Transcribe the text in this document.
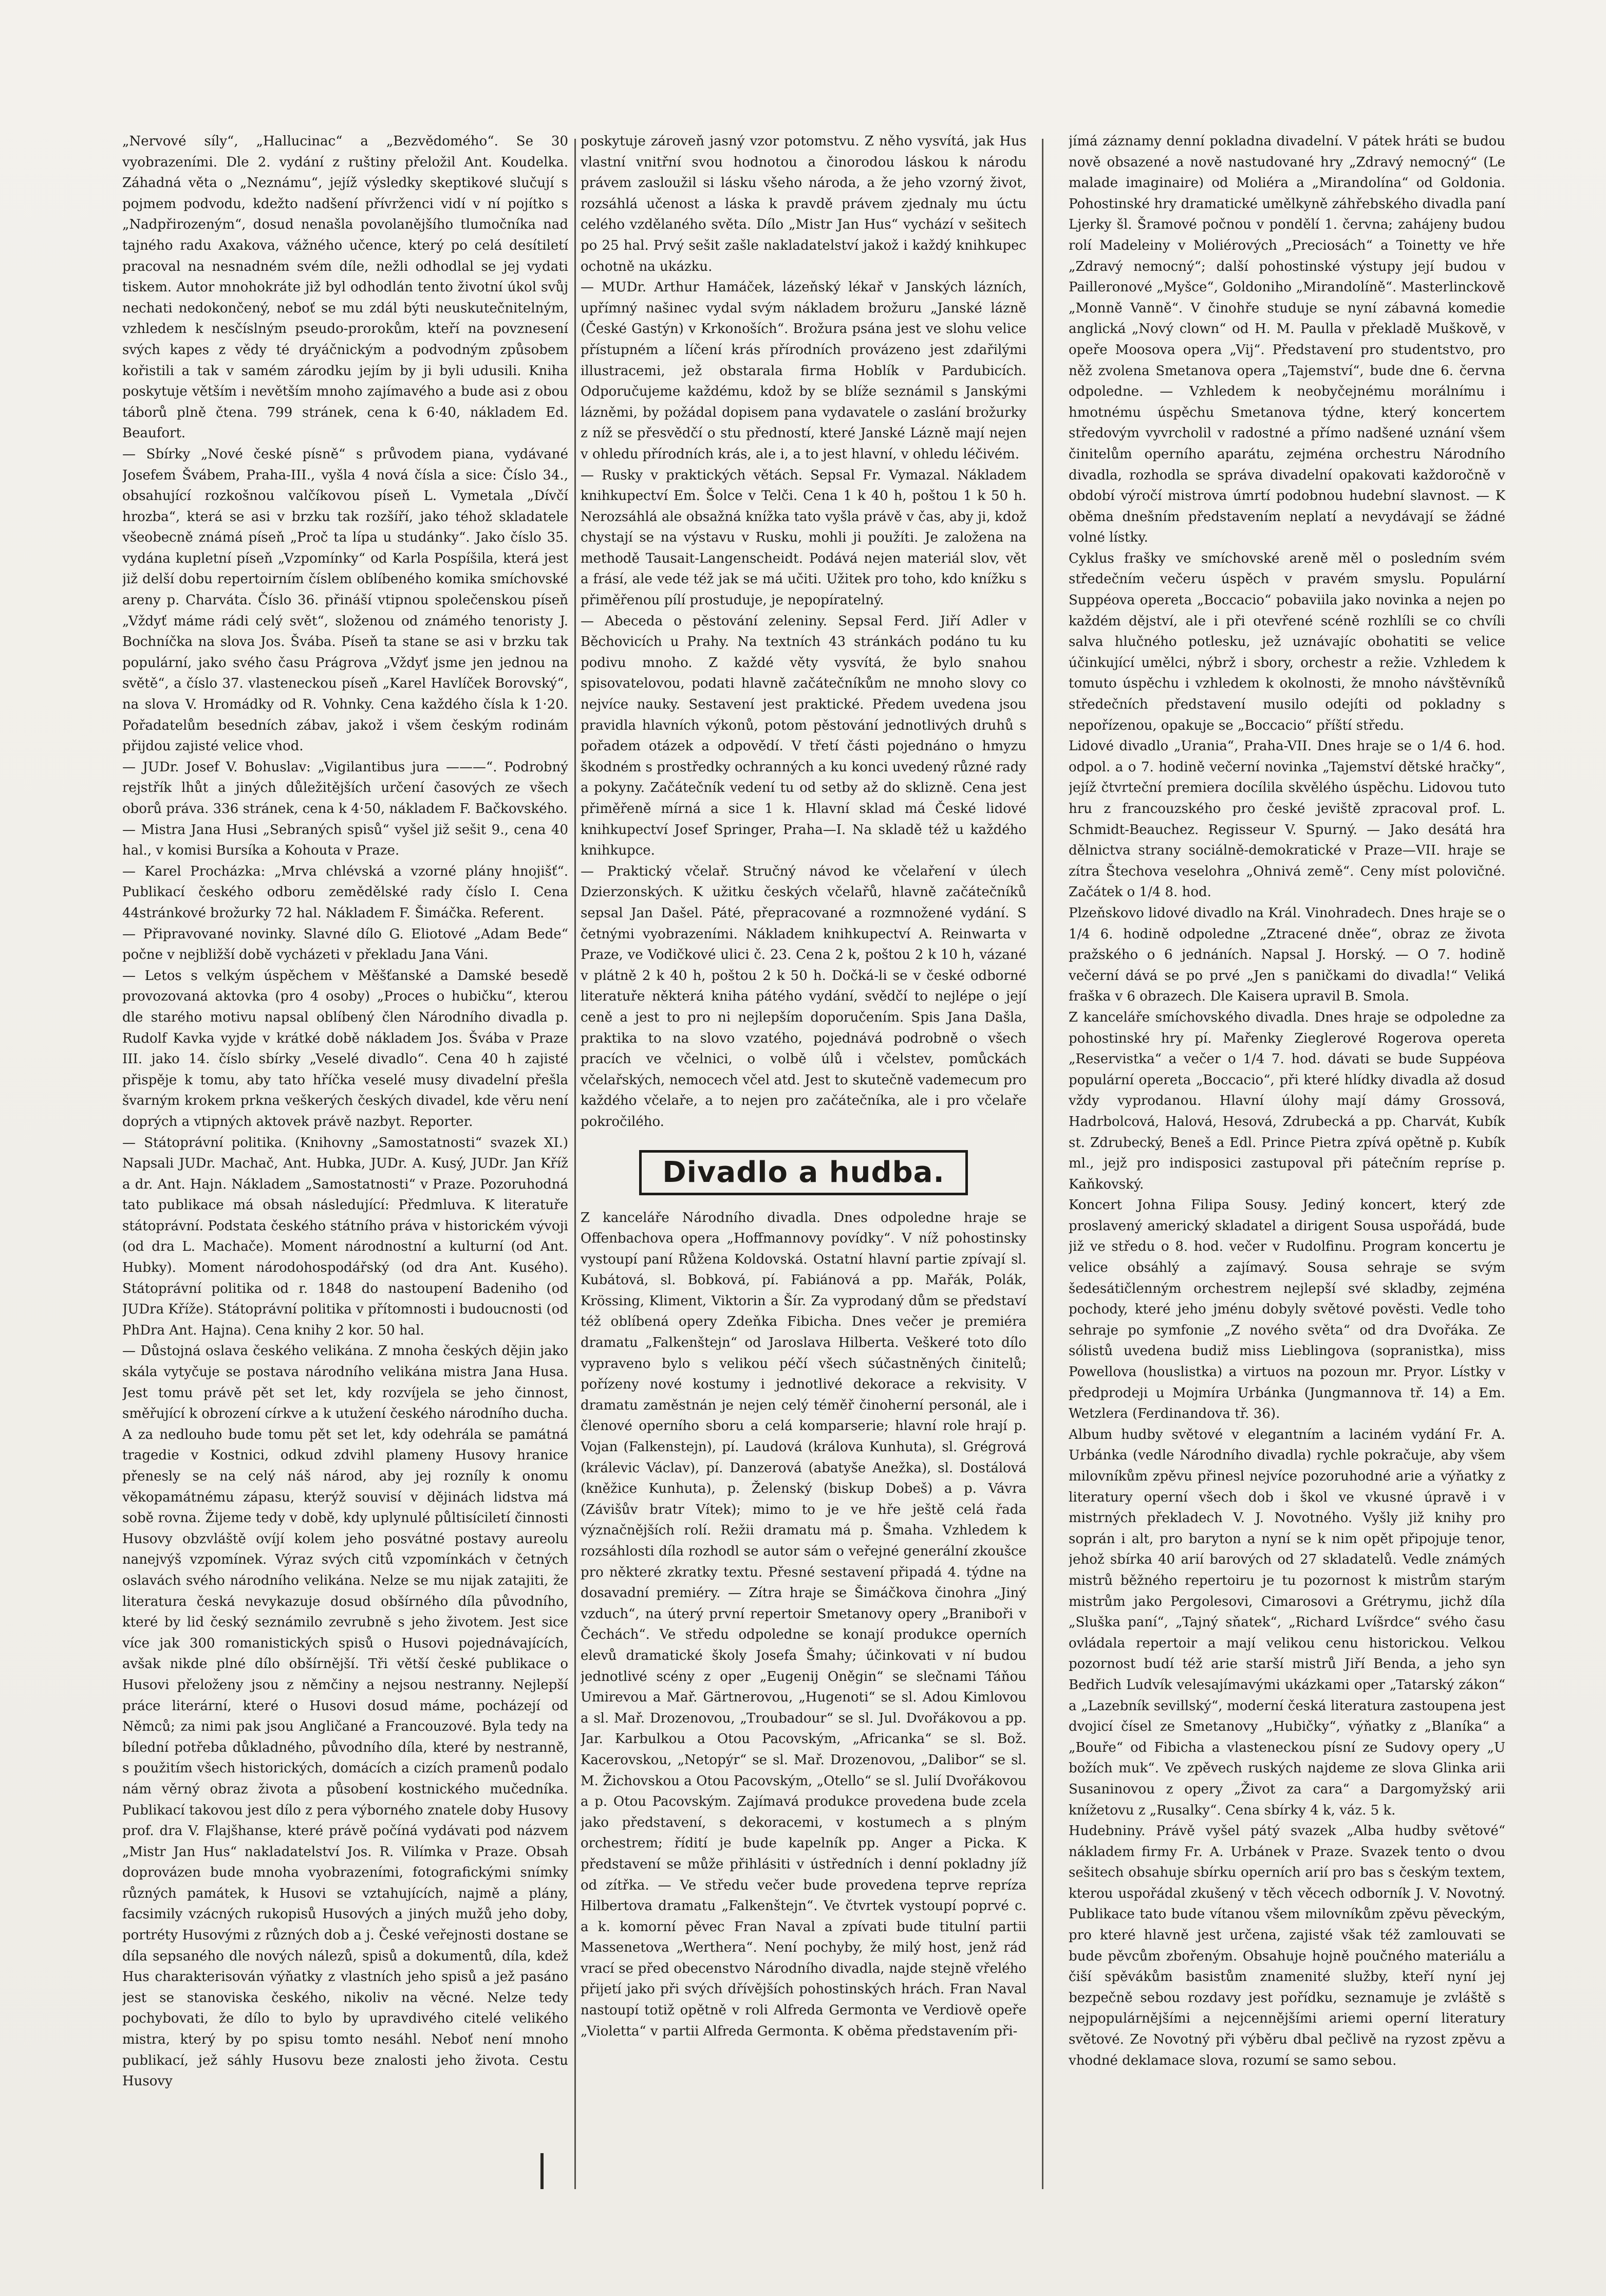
„Nervové síly“, „Hallucinac“ a „Bezvědomého“. Se 30 vyobrazeními. Dle 2. vydání z ruštiny přeložil Ant. Koudelka. Záhadná věta o „Neznámu“, jejíž výsledky skeptikové slučují s pojmem podvodu, kdežto nadšení přívrženci vidí v ní pojítko s „Nadpřirozeným“, dosud nenašla povolanějšího tlumočníka nad tajného radu Axakova, vážného učence, který po celá desítiletí pracoval na nesnadném svém díle, nežli odhodlal se jej vydati tiskem. Autor mnohokráte již byl odhodlán tento životní úkol svůj nechati nedokončený, neboť se mu zdál býti neuskutečnitelným, vzhledem k nesčíslným pseudo-prorokům, kteří na povznesení svých kapes z vědy té dryáčnickým a podvodným způsobem kořistili a tak v samém zárodku jejím by ji byli udusili. Kniha poskytuje větším i nevětším mnoho zajímavého a bude asi z obou táborů plně čtena. 799 stránek, cena k 6·40, nákladem Ed. Beaufort.

— Sbírky „Nové české písně“ s průvodem piana, vydávané Josefem Švábem, Praha-III., vyšla 4 nová čísla a sice: Číslo 34., obsahující rozkošnou valčíkovou píseň L. Vymetala „Dívčí hrozba“, která se asi v brzku tak rozšíří, jako téhož skladatele všeobecně známá píseň „Proč ta lípa u studánky“. Jako číslo 35. vydána kupletní píseň „Vzpomínky“ od Karla Pospíšila, která jest již delší dobu repertoirním číslem oblíbeného komika smíchovské areny p. Charváta. Číslo 36. přináší vtipnou společenskou píseň „Vždyť máme rádi celý svět“, složenou od známého tenoristy J. Bochníčka na slova Jos. Švába. Píseň ta stane se asi v brzku tak populární, jako svého času Prágrova „Vždyť jsme jen jednou na světě“, a číslo 37. vlasteneckou píseň „Karel Havlíček Borovský“, na slova V. Hromádky od R. Vohnky. Cena každého čísla k 1·20. Pořadatelům besedních zábav, jakož i všem českým rodinám přijdou zajisté velice vhod.

— JUDr. Josef V. Bohuslav: „Vigilantibus jura ———“. Podrobný rejstřík lhůt a jiných důležitějších určení časových ze všech oborů práva. 336 stránek, cena k 4·50, nákladem F. Bačkovského.

— Mistra Jana Husi „Sebraných spisů“ vyšel již sešit 9., cena 40 hal., v komisi Bursíka a Kohouta v Praze.

— Karel Procházka: „Mrva chlévská a vzorné plány hnojišť“. Publikací českého odboru zemědělské rady číslo I. Cena 44stránkové brožurky 72 hal. Nákladem F. Šimáčka. Referent.

— Připravované novinky. Slavné dílo G. Eliotové „Adam Bede“ počne v nejbližší době vycházeti v překladu Jana Váni.

— Letos s velkým úspěchem v Měšťanské a Damské besedě provozovaná aktovka (pro 4 osoby) „Proces o hubičku“, kterou dle starého motivu napsal oblíbený člen Národního divadla p. Rudolf Kavka vyjde v krátké době nákladem Jos. Švába v Praze III. jako 14. číslo sbírky „Veselé divadlo“. Cena 40 h zajisté přispěje k tomu, aby tato hříčka veselé musy divadelní přešla švarným krokem prkna veškerých českých divadel, kde věru není doprých a vtipných aktovek právě nazbyt. Reporter.

— Státoprávní politika. (Knihovny „Samostatnosti“ svazek XI.) Napsali JUDr. Machač, Ant. Hubka, JUDr. A. Kusý, JUDr. Jan Kříž a dr. Ant. Hajn. Nákladem „Samostatnosti“ v Praze. Pozoruhodná tato publikace má obsah následující: Předmluva. K literatuře státoprávní. Podstata českého státního práva v historickém vývoji (od dra L. Machače). Moment národnostní a kulturní (od Ant. Hubky). Moment národohospodářský (od dra Ant. Kusého). Státoprávní politika od r. 1848 do nastoupení Badeniho (od JUDra Kříže). Státoprávní politika v přítomnosti i budoucnosti (od PhDra Ant. Hajna). Cena knihy 2 kor. 50 hal.

— Důstojná oslava českého velikána. Z mnoha českých dějin jako skála vytyčuje se postava národního velikána mistra Jana Husa. Jest tomu právě pět set let, kdy rozvíjela se jeho činnost, směřující k obrození církve a k utužení českého národního ducha. A za nedlouho bude tomu pět set let, kdy odehrála se památná tragedie v Kostnici, odkud zdvihl plameny Husovy hranice přenesly se na celý náš národ, aby jej rozníly k onomu věkopamátnému zápasu, kterýž souvisí v dějinách lidstva má sobě rovna. Žijeme tedy v době, kdy uplynulé půltisíciletí činnosti Husovy obzvláště ovíjí kolem jeho posvátné postavy aureolu nanejvýš vzpomínek. Výraz svých citů vzpomínkách v četných oslavách svého národního velikána. Nelze se mu nijak zatajiti, že literatura česká nevykazuje dosud obšírného díla původního, které by lid český seznámilo zevrubně s jeho životem. Jest sice více jak 300 romanistických spisů o Husovi pojednávajících, avšak nikde plné dílo obšírnější. Tři větší české publikace o Husovi přeloženy jsou z němčiny a nejsou nestranny. Nejlepší práce literární, které o Husovi dosud máme, pocházejí od Němců; za nimi pak jsou Angličané a Francouzové. Byla tedy na bílední potřeba důkladného, původního díla, které by nestranně, s použitím všech historických, domácích a cizích pramenů podalo nám věrný obraz života a působení kostnického mučedníka. Publikací takovou jest dílo z pera výborného znatele doby Husovy prof. dra V. Flajšhanse, které právě počíná vydávati pod názvem „Mistr Jan Hus“ nakladatelství Jos. R. Vilímka v Praze. Obsah doprovázen bude mnoha vyobrazeními, fotografickými snímky různých památek, k Husovi se vztahujících, najmě a plány, facsimily vzácných rukopisů Husových a jiných mužů jeho doby, portréty Husovými z různých dob a j. České veřejnosti dostane se díla sepsaného dle nových nálezů, spisů a dokumentů, díla, kdež Hus charakterisován výňatky z vlastních jeho spisů a jež pasáno jest se stanoviska českého, nikoliv na věcné. Nelze tedy pochybovati, že dílo to bylo by upravdivého citelé velikého mistra, který by po spisu tomto nesáhl. Neboť není mnoho publikací, jež sáhly Husovu beze znalosti jeho života. Cestu Husovy

poskytuje zároveň jasný vzor potomstvu. Z něho vysvítá, jak Hus vlastní vnitřní svou hodnotou a činorodou láskou k národu právem zasloužil si lásku všeho národa, a že jeho vzorný život, rozsáhlá učenost a láska k pravdě právem zjednaly mu úctu celého vzdělaného světa. Dílo „Mistr Jan Hus“ vychází v sešitech po 25 hal. Prvý sešit zašle nakladatelství jakož i každý knihkupec ochotně na ukázku.

— MUDr. Arthur Hamáček, lázeňský lékař v Janských lázních, upřímný našinec vydal svým nákladem brožuru „Janské lázně (České Gastýn) v Krkonoších“. Brožura psána jest ve slohu velice přístupném a líčení krás přírodních provázeno jest zdařilými illustracemi, jež obstarala firma Hoblík v Pardubicích. Odporučujeme každému, kdož by se blíže seznámil s Janskými lázněmi, by požádal dopisem pana vydavatele o zaslání brožurky z níž se přesvědčí o stu předností, které Janské Lázně mají nejen v ohledu přírodních krás, ale i, a to jest hlavní, v ohledu léčivém.

— Rusky v praktických větách. Sepsal Fr. Vymazal. Nákladem knihkupectví Em. Šolce v Telči. Cena 1 k 40 h, poštou 1 k 50 h. Nerozsáhlá ale obsažná knížka tato vyšla právě v čas, aby ji, kdož chystají se na výstavu v Rusku, mohli ji použíti. Je založena na methodě Tausait-Langenscheidt. Podává nejen materiál slov, vět a frásí, ale vede též jak se má učiti. Užitek pro toho, kdo knížku s přiměřenou pílí prostuduje, je nepopíratelný.

— Abeceda o pěstování zeleniny. Sepsal Ferd. Jiří Adler v Běchovicích u Prahy. Na textních 43 stránkách podáno tu ku podivu mnoho. Z každé věty vysvítá, že bylo snahou spisovatelovou, podati hlavně začátečníkům ne mnoho slovy co nejvíce nauky. Sestavení jest praktické. Předem uvedena jsou pravidla hlavních výkonů, potom pěstování jednotlivých druhů s pořadem otázek a odpovědí. V třetí části pojednáno o hmyzu škodném s prostředky ochranných a ku konci uvedený různé rady a pokyny. Začátečník vedení tu od setby až do sklizně. Cena jest přiměřeně mírná a sice 1 k. Hlavní sklad má České lidové knihkupectví Josef Springer, Praha—I. Na skladě též u každého knihkupce.

— Praktický včelař. Stručný návod ke včelaření v úlech Dzierzonských. K užitku českých včelařů, hlavně začátečníků sepsal Jan Dašel. Páté, přepracované a rozmnožené vydání. S četnými vyobrazeními. Nákladem knihkupectví A. Reinwarta v Praze, ve Vodičkové ulici č. 23. Cena 2 k, poštou 2 k 10 h, vázané v plátně 2 k 40 h, poštou 2 k 50 h. Dočká-li se v české odborné literatuře některá kniha pátého vydání, svědčí to nejlépe o její ceně a jest to pro ni nejlepším doporučením. Spis Jana Dašla, praktika to na slovo vzatého, pojednává podrobně o všech pracích ve včelnici, o volbě úlů i včelstev, pomůckách včelařských, nemocech včel atd. Jest to skutečně vademecum pro každého včelaře, a to nejen pro začátečníka, ale i pro včelaře pokročilého.

Divadlo a hudba.

Z kanceláře Národního divadla. Dnes odpoledne hraje se Offenbachova opera „Hoffmannovy povídky“. V níž pohostinsky vystoupí paní Růžena Koldovská. Ostatní hlavní partie zpívají sl. Kubátová, sl. Bobková, pí. Fabiánová a pp. Mařák, Polák, Krössing, Kliment, Viktorin a Šír. Za vyprodaný dům se představí též oblíbená opery Zdeňka Fibicha. Dnes večer je premiéra dramatu „Falkenštejn“ od Jaroslava Hilberta. Veškeré toto dílo vypraveno bylo s velikou péčí všech súčastněných činitelů; pořízeny nové kostumy i jednotlivé dekorace a rekvisity. V dramatu zaměstnán je nejen celý téměř činoherní personál, ale i členové operního sboru a celá komparserie; hlavní role hrají p. Vojan (Falkenstejn), pí. Laudová (králova Kunhuta), sl. Grégrová (králevic Václav), pí. Danzerová (abatyše Anežka), sl. Dostálová (kněžice Kunhuta), p. Želenský (biskup Dobeš) a p. Vávra (Závišův bratr Vítek); mimo to je ve hře ještě celá řada význačnějších rolí. Režii dramatu má p. Šmaha. Vzhledem k rozsáhlosti díla rozhodl se autor sám o veřejné generální zkoušce pro některé zkratky textu. Přesné sestavení připadá 4. týdne na dosavadní premiéry. — Zítra hraje se Šimáčkova činohra „Jiný vzduch“, na úterý první repertoir Smetanovy opery „Braniboři v Čechách“. Ve středu odpoledne se konají produkce operních elevů dramatické školy Josefa Šmahy; účinkovati v ní budou jednotlivé scény z oper „Eugenij Oněgin“ se slečnami Táňou Umirevou a Mař. Gärtnerovou, „Hugenoti“ se sl. Adou Kimlovou a sl. Mař. Drozenovou, „Troubadour“ se sl. Jul. Dvořákovou a pp. Jar. Karbulkou a Otou Pacovským, „Africanka“ se sl. Bož. Kacerovskou, „Netopýr“ se sl. Mař. Drozenovou, „Dalibor“ se sl. M. Žichovskou a Otou Pacovským, „Otello“ se sl. Julií Dvořákovou a p. Otou Pacovským. Zajímavá produkce provedena bude zcela jako představení, s dekoracemi, v kostumech a s plným orchestrem; řídití je bude kapelník pp. Anger a Picka. K představení se může přihlásiti v ústředních i denní pokladny jíž od zítřka. — Ve středu večer bude provedena teprve repríza Hilbertova dramatu „Falkenštejn“. Ve čtvrtek vystoupí poprvé c. a k. komorní pěvec Fran Naval a zpívati bude titulní partii Massenetova „Werthera“. Není pochyby, že milý host, jenž rád vrací se před obecenstvo Národního divadla, najde stejně vřelého přijetí jako při svých dřívějších pohostinských hrách. Fran Naval nastoupí totiž opětně v roli Alfreda Germonta ve Verdiově opeře „Violetta“ v partii Alfreda Germonta. K oběma představením při-

jímá záznamy denní pokladna divadelní. V pátek hráti se budou nově obsazené a nově nastudované hry „Zdravý nemocný“ (Le malade imaginaire) od Moliéra a „Mirandolína“ od Goldonia. Pohostinské hry dramatické umělkyně záhřebského divadla paní Ljerky šl. Šramové počnou v pondělí 1. června; zahájeny budou rolí Madeleiny v Moliérových „Preciosách“ a Toinetty ve hře „Zdravý nemocný“; další pohostinské výstupy její budou v Pailleronové „Myšce“, Goldoniho „Mirandolíně“. Masterlinckově „Monně Vanně“. V činohře studuje se nyní zábavná komedie anglická „Nový clown“ od H. M. Paulla v překladě Muškově, v opeře Moosova opera „Vij“. Představení pro studentstvo, pro něž zvolena Smetanova opera „Tajemství“, bude dne 6. června odpoledne. — Vzhledem k neobyčejnému morálnímu i hmotnému úspěchu Smetanova týdne, který koncertem středovým vyvrcholil v radostné a přímo nadšené uznání všem činitelům operního aparátu, zejména orchestru Národního divadla, rozhodla se správa divadelní opakovati každoročně v období výročí mistrova úmrtí podobnou hudební slavnost. — K oběma dnešním představením neplatí a nevydávají se žádné volné lístky.

Cyklus frašky ve smíchovské areně měl o posledním svém středečním večeru úspěch v pravém smyslu. Populární Suppéova opereta „Boccacio“ pobaviila jako novinka a nejen po každém dějství, ale i při otevřené scéně rozhlíli se co chvíli salva hlučného potlesku, jež uznávajíc obohatiti se velice účinkující umělci, nýbrž i sbory, orchestr a režie. Vzhledem k tomuto úspěchu i vzhledem k okolnosti, že mnoho návštěvníků středečních představení musilo odejíti od pokladny s nepořízenou, opakuje se „Boccacio“ příští středu.

Lidové divadlo „Urania“, Praha-VII. Dnes hraje se o 1/4 6. hod. odpol. a o 7. hodině večerní novinka „Tajemství dětské hračky“, jejíž čtvrteční premiera docílila skvělého úspěchu. Lidovou tuto hru z francouzského pro české jeviště zpracoval prof. L. Schmidt-Beauchez. Regisseur V. Spurný. — Jako desátá hra dělnictva strany sociálně-demokratické v Praze—VII. hraje se zítra Štechova veselohra „Ohnivá země“. Ceny míst polovičné. Začátek o 1/4 8. hod.

Plzeňskovo lidové divadlo na Král. Vinohradech. Dnes hraje se o 1/4 6. hodině odpoledne „Ztracené dněe“, obraz ze života pražského o 6 jednáních. Napsal J. Horský. — O 7. hodině večerní dává se po prvé „Jen s paničkami do divadla!“ Veliká fraška v 6 obrazech. Dle Kaisera upravil B. Smola.

Z kanceláře smíchovského divadla. Dnes hraje se odpoledne za pohostinské hry pí. Mařenky Zieglerové Rogerova opereta „Reservistka“ a večer o 1/4 7. hod. dávati se bude Suppéova populární opereta „Boccacio“, při které hlídky divadla až dosud vždy vyprodanou. Hlavní úlohy mají dámy Grossová, Hadrbolcová, Halová, Hesová, Zdrubecká a pp. Charvát, Kubík st. Zdrubecký, Beneš a Edl. Prince Pietra zpívá opětně p. Kubík ml., jejž pro indisposici zastupoval při pátečním repríse p. Kaňkovský.

Koncert Johna Filipa Sousy. Jediný koncert, který zde proslavený americký skladatel a dirigent Sousa uspořádá, bude již ve středu o 8. hod. večer v Rudolfinu. Program koncertu je velice obsáhlý a zajímavý. Sousa sehraje se svým šedesátičlenným orchestrem nejlepší své skladby, zejména pochody, které jeho jménu dobyly světové pověsti. Vedle toho sehraje po symfonie „Z nového světa“ od dra Dvořáka. Ze sólistů uvedena budiž miss Lieblingova (sopranistka), miss Powellova (houslistka) a virtuos na pozoun mr. Pryor. Lístky v předprodeji u Mojmíra Urbánka (Jungmannova tř. 14) a Em. Wetzlera (Ferdinandova tř. 36).

Album hudby světové v elegantním a laciném vydání Fr. A. Urbánka (vedle Národního divadla) rychle pokračuje, aby všem milovníkům zpěvu přinesl nejvíce pozoruhodné arie a výňatky z literatury operní všech dob i škol ve vkusné úpravě i v mistrných překladech V. J. Novotného. Vyšly již knihy pro soprán i alt, pro baryton a nyní se k nim opět připojuje tenor, jehož sbírka 40 arií barových od 27 skladatelů. Vedle známých mistrů běžného repertoiru je tu pozornost k mistrům starým mistrům jako Pergolesovi, Cimarosovi a Grétrymu, jichž díla „Sluška paní“, „Tajný sňatek“, „Richard Lvíšrdce“ svého času ovládala repertoir a mají velikou cenu historickou. Velkou pozornost budí též arie starší mistrů Jiří Benda, a jeho syn Bedřich Ludvík velesajímavými ukázkami oper „Tatarský zákon“ a „Lazebník sevillský“, moderní česká literatura zastoupena jest dvojicí čísel ze Smetanovy „Hubičky“, výňatky z „Blaníka“ a „Bouře“ od Fibicha a vlasteneckou písní ze Sudovy opery „U božích muk“. Ve zpěvech ruských najdeme ze slova Glinka arii Susaninovou z opery „Život za cara“ a Dargomyžský arii knížetovu z „Rusalky“. Cena sbírky 4 k, váz. 5 k.

Hudebniny. Právě vyšel pátý svazek „Alba hudby světové“ nákladem firmy Fr. A. Urbánek v Praze. Svazek tento o dvou sešitech obsahuje sbírku operních arií pro bas s českým textem, kterou uspořádal zkušený v těch věcech odborník J. V. Novotný. Publikace tato bude vítanou všem milovníkům zpěvu pěveckým, pro které hlavně jest určena, zajisté však též zamlouvati se bude pěvcům zbořeným. Obsahuje hojně poučného materiálu a čiší spěvákům basistům znamenité služby, kteří nyní jej bezpečně sebou rozdavy jest pořídku, seznamuje je zvláště s nejpopulárnějšími a nejcennějšími ariemi operní literatury světové. Ze Novotný při výběru dbal pečlivě na ryzost zpěvu a vhodné deklamace slova, rozumí se samo sebou.
